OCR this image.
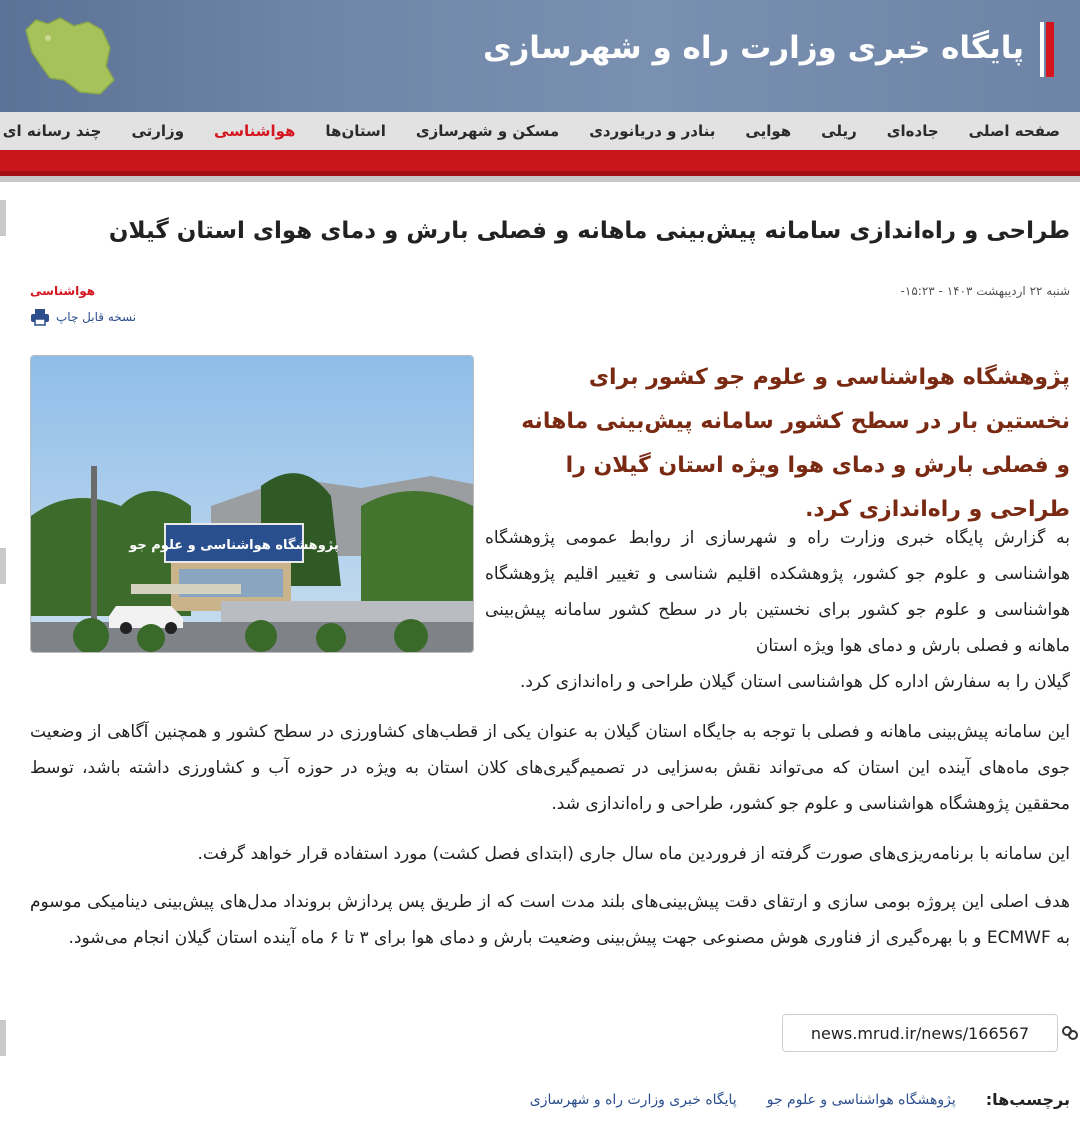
پایگاه خبری وزارت راه و شهرسازی
صفحه اصلی
جاده‌ای
ریلی
هوایی
بنادر و دریانوردی
مسکن و شهرسازی
استان‌ها
هواشناسی
وزارتی
چند رسانه ای
طراحی و راه‌اندازی سامانه پیش‌بینی ماهانه و فصلی بارش و دمای هوای استان گیلان
شنبه ۲۲ اردیبهشت ۱۴۰۳ - ۱۵:۲۳-
هواشناسی
نسخه قابل چاپ
پژوهشگاه هواشناسی و علوم جو
پژوهشگاه هواشناسی و علوم جو کشور برای نخستین بار در سطح کشور سامانه پیش‌بینی ماهانه و فصلی بارش و دمای هوا ویژه استان گیلان را طراحی و راه‌اندازی کرد.
به گزارش پایگاه خبری وزارت راه و شهرسازی از روابط عمومی پژوهشگاه هواشناسی و علوم جو کشور، پژوهشکده اقلیم شناسی و تغییر اقلیم پژوهشگاه هواشناسی و علوم جو کشور برای نخستین بار در سطح کشور سامانه پیش‌بینی ماهانه و فصلی بارش و دمای هوا ویژه استان
گیلان را به سفارش اداره کل هواشناسی استان گیلان طراحی و راه‌اندازی کرد.
این سامانه پیش‌بینی ماهانه و فصلی با توجه به جایگاه استان گیلان به عنوان یکی از قطب‌های کشاورزی در سطح کشور و همچنین آگاهی از وضعیت جوی ماه‌های آینده این استان که می‌تواند نقش به‌سزایی در تصمیم‌گیری‌های کلان استان به ویژه در حوزه آب و کشاورزی داشته باشد، توسط محققین پژوهشگاه هواشناسی و علوم جو کشور، طراحی و راه‌اندازی شد.
این سامانه با برنامه‌ریزی‌های صورت گرفته از فروردین ماه سال جاری (ابتدای فصل کشت) مورد استفاده قرار خواهد گرفت.
هدف اصلی این پروژه بومی سازی و ارتقای دقت پیش‌بینی‌های بلند مدت است که از طریق پس پردازش برونداد مدل‌های پیش‌بینی دینامیکی موسوم به ECMWF و با بهره‌گیری از فناوری هوش مصنوعی جهت پیش‌بینی وضعیت بارش و دمای هوا برای ۳ تا ۶ ماه آینده استان گیلان انجام می‌شود.
news.mrud.ir/news/166567
برچسب‌ها:
پژوهشگاه هواشناسی و علوم جو
پایگاه خبری وزارت راه و شهرسازی
